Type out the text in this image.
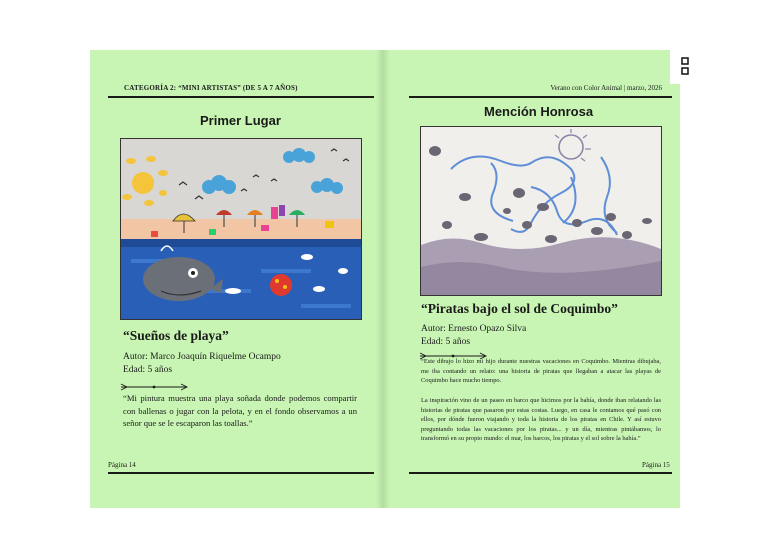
CATEGORÍA 2: “MINI ARTISTAS” (DE 5 A 7 AÑOS)
Primer Lugar
“Sueños de playa”
Autor: Marco Joaquín Riquelme Ocampo
Edad: 5 años
“Mi pintura muestra una playa soñada donde podemos compartir con ballenas o jugar con la pelota, y en el fondo observamos a un señor que se le escaparon las toallas.”
Página 14
Verano con Color Animal | marzo, 2026
Mención Honrosa
“Piratas bajo el sol de Coquimbo”
Autor: Ernesto Opazo Silva
Edad: 5 años
“Este dibujo lo hizo mi hijo durante nuestras vacaciones en Coquimbo. Mientras dibujaba, me iba contando un relato: una historia de piratas que llegaban a atacar las playas de Coquimbo hace mucho tiempo.
La inspiración vino de un paseo en barco que hicimos por la bahía, donde iban relatando las historias de piratas que pasaron por estas costas. Luego, en casa le contamos qué pasó con ellos, por dónde fueron viajando y toda la historia de los piratas en Chile. Y así estuvo preguntando todas las vacaciones por los piratas... y un día, mientras pintábamos, lo transformó en su propio mundo: el mar, los barcos, los piratas y el sol sobre la bahía.”
Página 15
